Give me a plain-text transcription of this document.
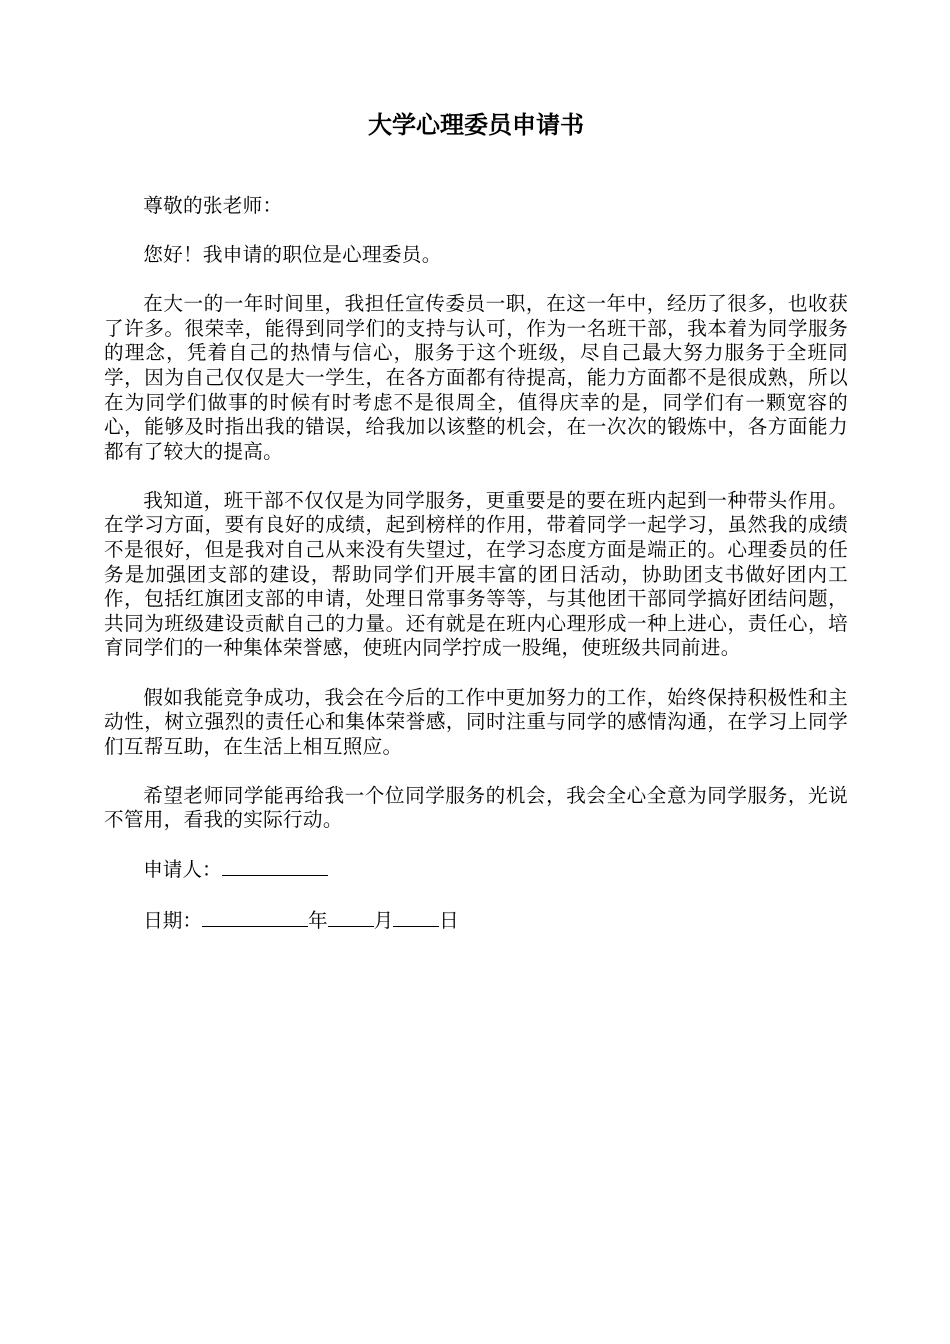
大学心理委员申请书

尊敬的张老师：

您好！我申请的职位是心理委员。

在大一的一年时间里，我担任宣传委员一职，在这一年中，经历了很多，也收获了许多。很荣幸，能得到同学们的支持与认可，作为一名班干部，我本着为同学服务的理念，凭着自己的热情与信心，服务于这个班级，尽自己最大努力服务于全班同学，因为自己仅仅是大一学生，在各方面都有待提高，能力方面都不是很成熟，所以在为同学们做事的时候有时考虑不是很周全，值得庆幸的是，同学们有一颗宽容的心，能够及时指出我的错误，给我加以该整的机会，在一次次的锻炼中，各方面能力都有了较大的提高。

我知道，班干部不仅仅是为同学服务，更重要是的要在班内起到一种带头作用。在学习方面，要有良好的成绩，起到榜样的作用，带着同学一起学习，虽然我的成绩不是很好，但是我对自己从来没有失望过，在学习态度方面是端正的。心理委员的任务是加强团支部的建设，帮助同学们开展丰富的团日活动，协助团支书做好团内工作，包括红旗团支部的申请，处理日常事务等等，与其他团干部同学搞好团结问题，共同为班级建设贡献自己的力量。还有就是在班内心理形成一种上进心，责任心，培育同学们的一种集体荣誉感，使班内同学拧成一股绳，使班级共同前进。

假如我能竞争成功，我会在今后的工作中更加努力的工作，始终保持积极性和主动性，树立强烈的责任心和集体荣誉感，同时注重与同学的感情沟通，在学习上同学们互帮互助，在生活上相互照应。

希望老师同学能再给我一个位同学服务的机会，我会全心全意为同学服务，光说不管用，看我的实际行动。

申请人：
日期：	年 月 日
